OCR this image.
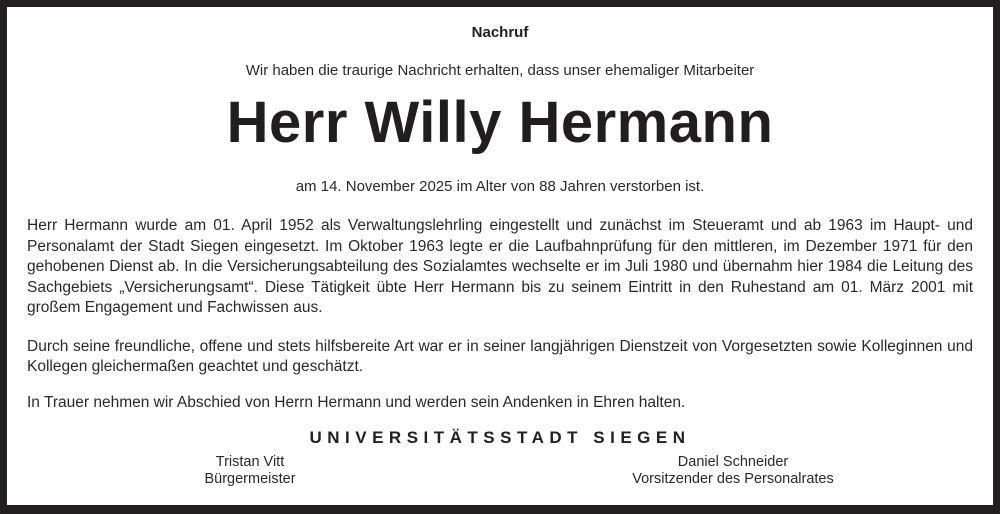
Nachruf
Wir haben die traurige Nachricht erhalten, dass unser ehemaliger Mitarbeiter
Herr Willy Hermann
am 14. November 2025 im Alter von 88 Jahren verstorben ist.

Herr Hermann wurde am 01. April 1952 als Verwaltungslehrling eingestellt und zunächst im Steueramt und ab 1963 im Haupt- und Personalamt der Stadt Siegen eingesetzt. Im Oktober 1963 legte er die Laufbahnprüfung für den mittleren, im Dezember 1971 für den gehobenen Dienst ab. In die Versicherungsabteilung des Sozialamtes wechselte er im Juli 1980 und übernahm hier 1984 die Leitung des Sachgebiets „Versicherungsamt“. Diese Tätigkeit übte Herr Hermann bis zu seinem Eintritt in den Ruhestand am 01. März 2001 mit großem Engagement und Fachwissen aus.

Durch seine freundliche, offene und stets hilfsbereite Art war er in seiner langjährigen Dienstzeit von Vorgesetzten sowie Kolleginnen und Kollegen gleichermaßen geachtet und geschätzt.

In Trauer nehmen wir Abschied von Herrn Hermann und werden sein Andenken in Ehren halten.

UNIVERSITÄTSSTADT SIEGEN
Tristan Vitt
Bürgermeister
Daniel Schneider
Vorsitzender des Personalrates
